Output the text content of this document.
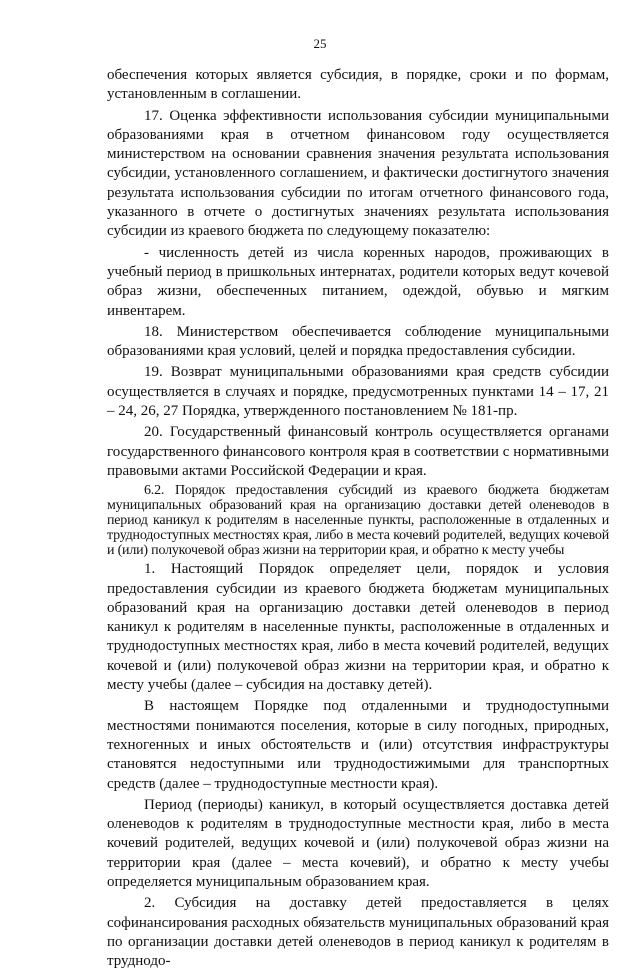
25

обеспечения которых является субсидия, в порядке, сроки и по формам, установленным в соглашении.

17. Оценка эффективности использования субсидии муниципальными образованиями края в отчетном финансовом году осуществляется министерством на основании сравнения значения результата использования субсидии, установленного соглашением, и фактически достигнутого значения результата использования субсидии по итогам отчетного финансового года, указанного в отчете о достигнутых значениях результата использования субсидии из краевого бюджета по следующему показателю:

- численность детей из числа коренных народов, проживающих в учебный период в пришкольных интернатах, родители которых ведут кочевой образ жизни, обеспеченных питанием, одеждой, обувью и мягким инвентарем.

18. Министерством обеспечивается соблюдение муниципальными образованиями края условий, целей и порядка предоставления субсидии.

19. Возврат муниципальными образованиями края средств субсидии осуществляется в случаях и порядке, предусмотренных пунктами 14 – 17, 21 – 24, 26, 27 Порядка, утвержденного постановлением № 181-пр.

20. Государственный финансовый контроль осуществляется органами государственного финансового контроля края в соответствии с нормативными правовыми актами Российской Федерации и края.

6.2. Порядок предоставления субсидий из краевого бюджета бюджетам муниципальных образований края на организацию доставки детей оленеводов в период каникул к родителям в населенные пункты, расположенные в отдаленных и труднодоступных местностях края, либо в места кочевий родителей, ведущих кочевой и (или) полукочевой образ жизни на территории края, и обратно к месту учебы

1. Настоящий Порядок определяет цели, порядок и условия предоставления субсидии из краевого бюджета бюджетам муниципальных образований края на организацию доставки детей оленеводов в период каникул к родителям в населенные пункты, расположенные в отдаленных и труднодоступных местностях края, либо в места кочевий родителей, ведущих кочевой и (или) полукочевой образ жизни на территории края, и обратно к месту учебы (далее – субсидия на доставку детей).

В настоящем Порядке под отдаленными и труднодоступными местностями понимаются поселения, которые в силу погодных, природных, техногенных и иных обстоятельств и (или) отсутствия инфраструктуры становятся недоступными или труднодостижимыми для транспортных средств (далее – труднодоступные местности края).

Период (периоды) каникул, в который осуществляется доставка детей оленеводов к родителям в труднодоступные местности края, либо в места кочевий родителей, ведущих кочевой и (или) полукочевой образ жизни на территории края (далее – места кочевий), и обратно к месту учебы определяется муниципальным образованием края.

2. Субсидия на доставку детей предоставляется в целях софинансирования расходных обязательств муниципальных образований края по организации доставки детей оленеводов в период каникул к родителям в труднодо-
